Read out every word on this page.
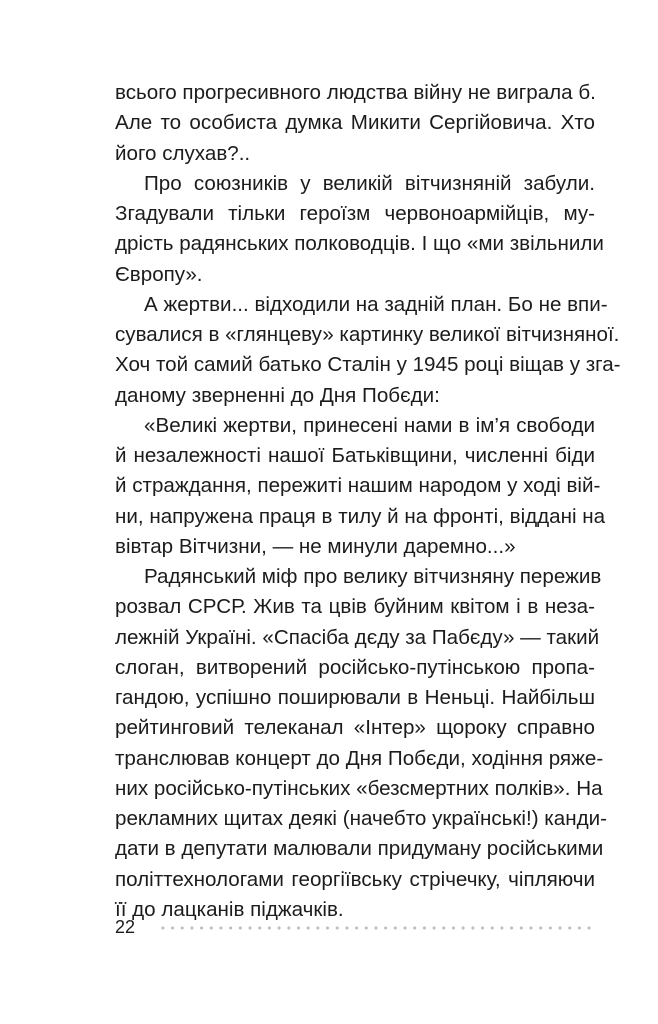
всього прогресивного людства війну не виграла б.
Але то особиста думка Микити Сергійовича. Хто
його слухав?..
Про союзників у великій вітчизняній забули.
Згадували тільки героїзм червоноармійців, му-
дрість радянських полководців. І що «ми звільнили
Європу».
А жертви... відходили на задній план. Бо не впи-
сувалися в «глянцеву» картинку великої вітчизняної.
Хоч той самий батько Сталін у 1945 році віщав у зга-
даному зверненні до Дня Побєди:
«Великі жертви, принесені нами в ім’я свободи
й незалежності нашої Батьківщини, численні біди
й страждання, пережиті нашим народом у ході вій-
ни, напружена праця в тилу й на фронті, віддані на
вівтар Вітчизни, — не минули даремно...»
Радянський міф про велику вітчизняну пережив
розвал СРСР. Жив та цвів буйним квітом і в неза-
лежній Україні. «Спасіба дєду за Пабєду» — такий
слоган, витворений російсько-путінською пропа-
гандою, успішно поширювали в Неньці. Найбільш
рейтинговий телеканал «Інтер» щороку справно
транслював концерт до Дня Побєди, ходіння ряже-
них російсько-путінських «безсмертних полків». На
рекламних щитах деякі (начебто українські!) канди-
дати в депутати малювали придуману російськими
політтехнологами георгіївську стрічечку, чіпляючи
її до лацканів піджачків.
22
